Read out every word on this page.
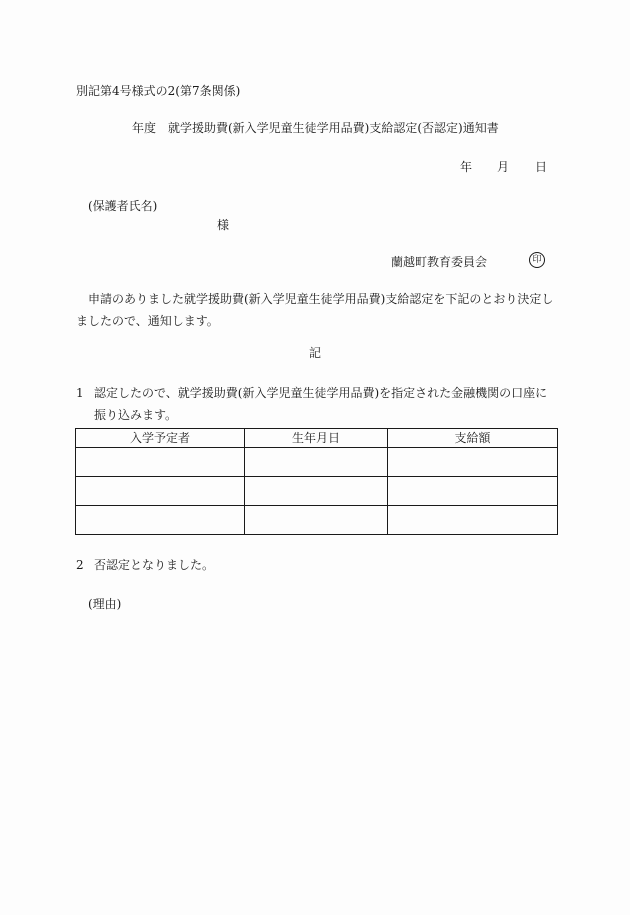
別記第4号様式の2(第7条関係)
年度　就学援助費(新入学児童生徒学用品費)支給認定(否認定)通知書
年 月 日
(保護者氏名)
様
蘭越町教育委員会	印
申請のありました就学援助費(新入学児童生徒学用品費)支給認定を下記のとおり決定しましたので、通知します。
記
1 認定したので、就学援助費(新入学児童生徒学用品費)を指定された金融機関の口座に振り込みます。
入学予定者	生年月日	支給額

2 否認定となりました。
(理由)
